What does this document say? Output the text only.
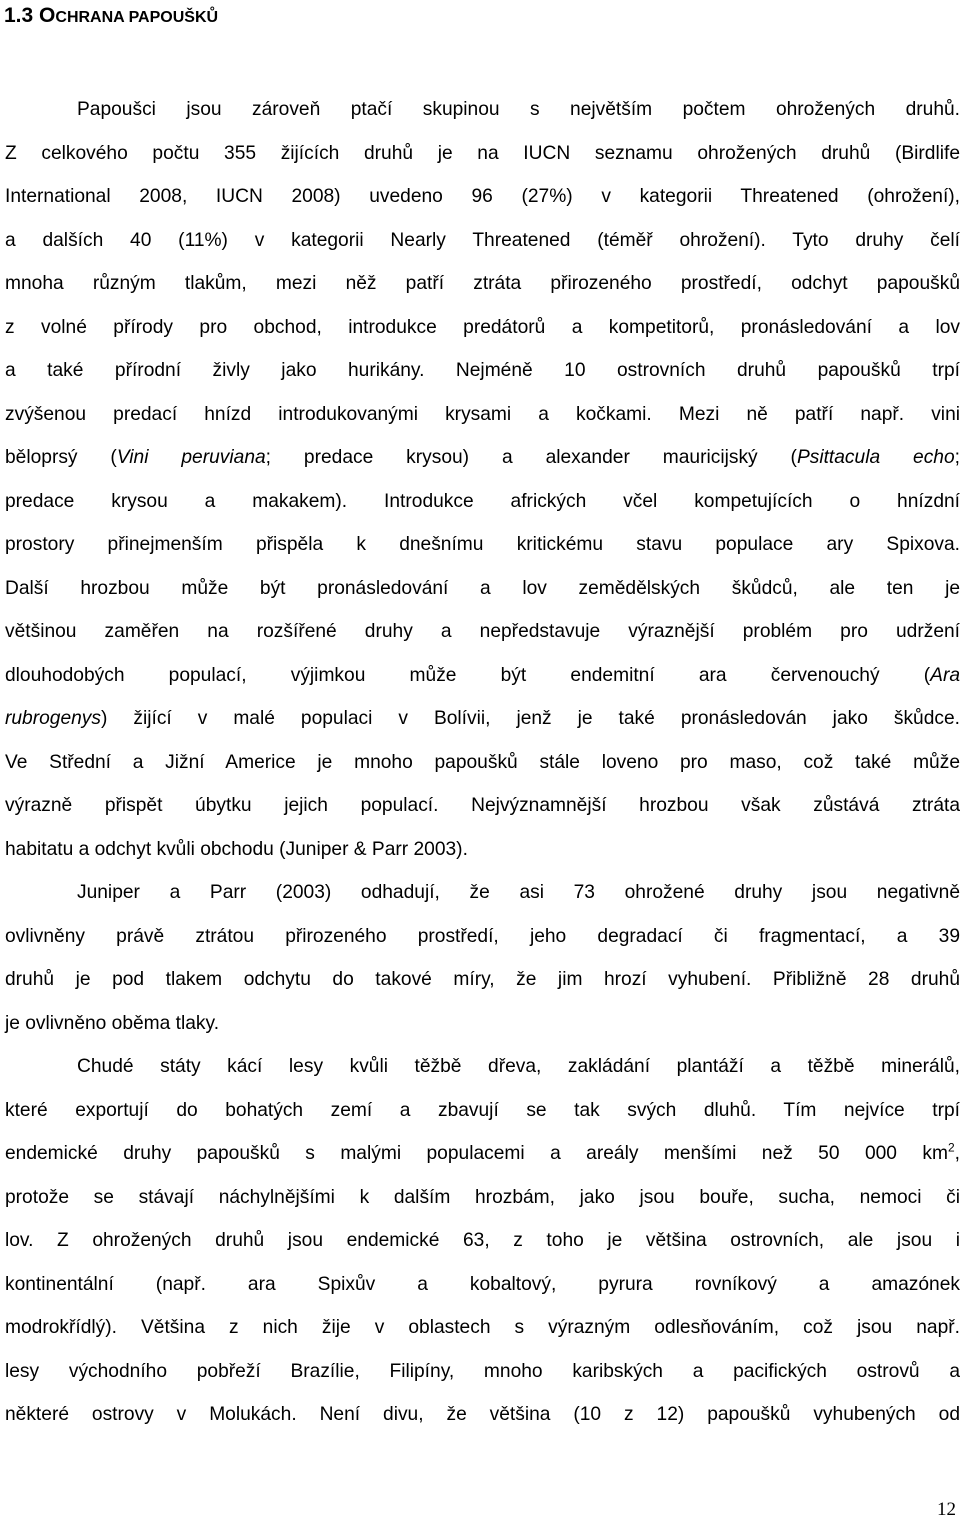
1.3 OCHRANA PAPOUŠKŮ
Papoušci jsou zároveň ptačí skupinou s největším počtem ohrožených druhů.
Z celkového počtu 355 žijících druhů je na IUCN seznamu ohrožených druhů (Birdlife
International 2008, IUCN 2008) uvedeno 96 (27%) v kategorii Threatened (ohrožení),
a dalších 40 (11%) v kategorii Nearly Threatened (téměř ohrožení). Tyto druhy čelí
mnoha různým tlakům, mezi něž patří ztráta přirozeného prostředí, odchyt papoušků
z volné přírody pro obchod, introdukce predátorů a kompetitorů, pronásledování a lov
a také přírodní živly jako hurikány. Nejméně 10 ostrovních druhů papoušků trpí
zvýšenou predací hnízd introdukovanými krysami a kočkami. Mezi ně patří např. vini
běloprsý (Vini peruviana; predace krysou) a alexander mauricijský (Psittacula echo;
predace krysou a makakem). Introdukce afrických včel kompetujících o hnízdní
prostory přinejmenším přispěla k dnešnímu kritickému stavu populace ary Spixova.
Další hrozbou může být pronásledování a lov zemědělských škůdců, ale ten je
většinou zaměřen na rozšířené druhy a nepředstavuje výraznější problém pro udržení
dlouhodobých populací, výjimkou může být endemitní ara červenouchý (Ara
rubrogenys) žijící v malé populaci v Bolívii, jenž je také pronásledován jako škůdce.
Ve Střední a Jižní Americe je mnoho papoušků stále loveno pro maso, což také může
výrazně přispět úbytku jejich populací. Nejvýznamnější hrozbou však zůstává ztráta
habitatu a odchyt kvůli obchodu (Juniper & Parr 2003).
Juniper a Parr (2003) odhadují, že asi 73 ohrožené druhy jsou negativně
ovlivněny právě ztrátou přirozeného prostředí, jeho degradací či fragmentací, a 39
druhů je pod tlakem odchytu do takové míry, že jim hrozí vyhubení. Přibližně 28 druhů
je ovlivněno oběma tlaky.
Chudé státy kácí lesy kvůli těžbě dřeva, zakládání plantáží a těžbě minerálů,
které exportují do bohatých zemí a zbavují se tak svých dluhů. Tím nejvíce trpí
endemické druhy papoušků s malými populacemi a areály menšími než 50 000 $km^2$,
protože se stávají náchylnějšími k dalším hrozbám, jako jsou bouře, sucha, nemoci či
lov. Z ohrožených druhů jsou endemické 63, z toho je většina ostrovních, ale jsou i
kontinentální (např. ara Spixův a kobaltový, pyrura rovníkový a amazónek
modrokřídlý). Většina z nich žije v oblastech s výrazným odlesňováním, což jsou např.
lesy východního pobřeží Brazílie, Filipíny, mnoho karibských a pacifických ostrovů a
některé ostrovy v Molukách. Není divu, že většina (10 z 12) papoušků vyhubených od
12
